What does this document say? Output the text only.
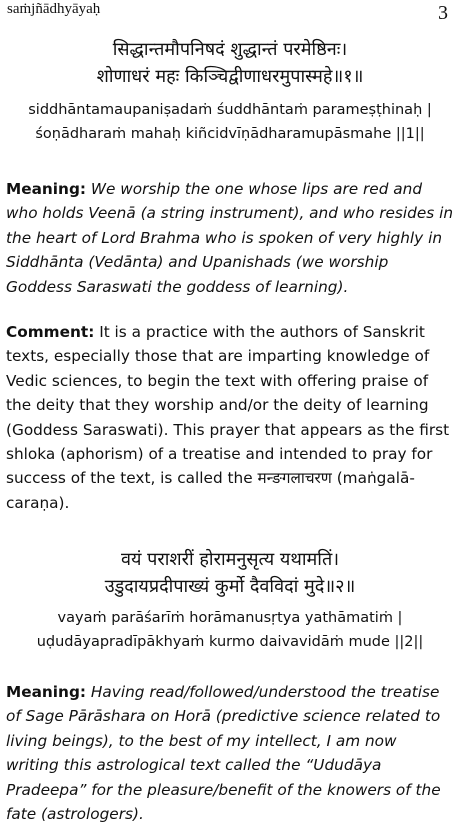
saṁjñādhyāyaḥ	3
सिद्धान्तमौपनिषदं शुद्धान्तं परमेष्ठिनः।
शोणाधरं महः किञ्चिद्वीणाधरमुपास्महे॥१॥
siddhāntamaupaniṣadaṁ śuddhāntaṁ parameṣṭhinaḥ |
śoṇādharaṁ mahaḥ kiñcidvīṇādharamupāsmahe ||1||
Meaning: We worship the one whose lips are red and who holds Veenā (a string instrument), and who resides in the heart of Lord Brahma who is spoken of very highly in Siddhānta (Vedānta) and Upanishads (we worship Goddess Saraswati the goddess of learning).
Comment: It is a practice with the authors of Sanskrit texts, especially those that are imparting knowledge of Vedic sciences, to begin the text with offering praise of the deity that they worship and/or the deity of learning (Goddess Saraswati). This prayer that appears as the first shloka (aphorism) of a treatise and intended to pray for success of the text, is called the मन्ङगलाचरण (maṅgalā-caraṇa).
वयं पराशरीं होरामनुसृत्य यथामतिं।
उडुदायप्रदीपाख्यं कुर्मो दैवविदां मुदे॥२॥
vayaṁ parāśarīṁ horāmanusṛtya yathāmatiṁ |
uḍudāyapradīpākhyaṁ kurmo daivavidāṁ mude ||2||
Meaning: Having read/followed/understood the treatise of Sage Pārāshara on Horā (predictive science related to living beings), to the best of my intellect, I am now writing this astrological text called the “Ududāya Pradeepa” for the pleasure/benefit of the knowers of the fate (astrologers).
